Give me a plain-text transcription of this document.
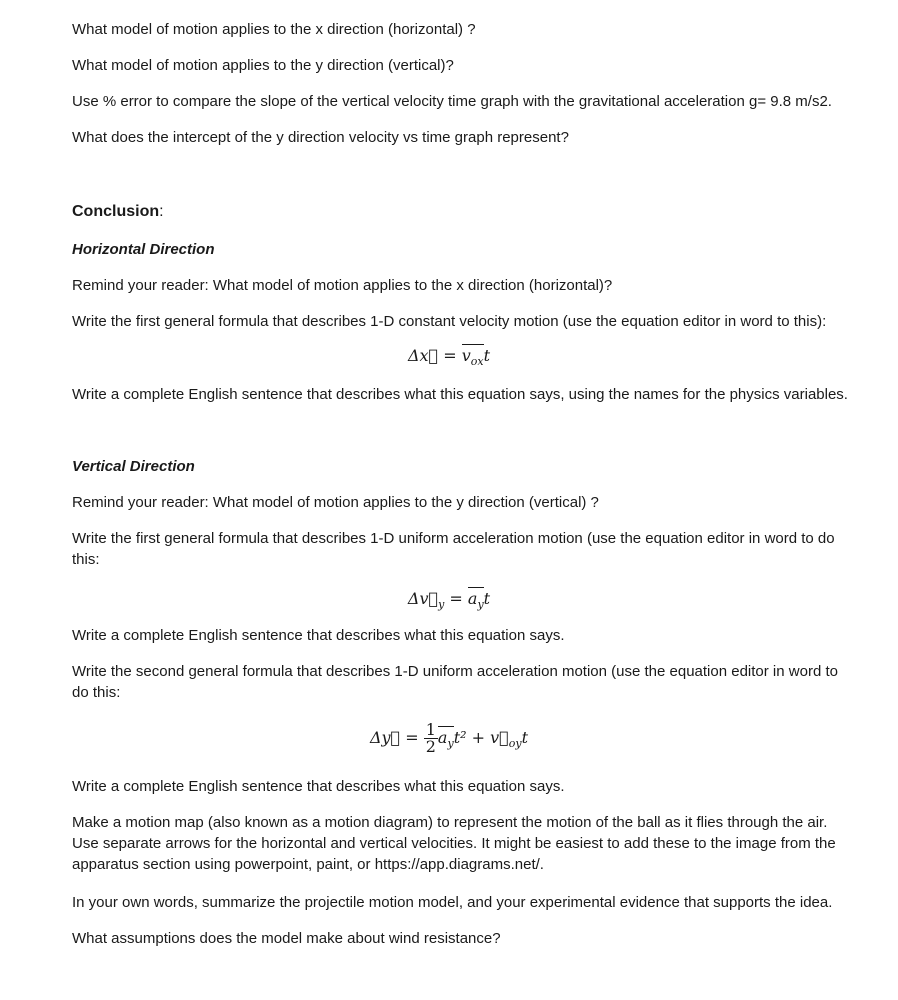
What model of motion applies to the x direction (horizontal) ?

What model of motion applies to the y direction (vertical)?

Use % error to compare the slope of the vertical velocity time graph with the gravitational acceleration g= 9.8 m/s2.

What does the intercept of the y direction velocity vs time graph represent?

Conclusion:

Horizontal Direction

Remind your reader: What model of motion applies to the x direction (horizontal)?

Write the first general formula that describes 1-D constant velocity motion (use the equation editor in word to this):

Δx⃗ = $v_{ox}t$

Write a complete English sentence that describes what this equation says, using the names for the physics variables.

Vertical Direction

Remind your reader: What model of motion applies to the y direction (vertical) ?

Write the first general formula that describes 1-D uniform acceleration motion (use the equation editor in word to do this:

$\Delta v⃗_y = a_yt$

Write a complete English sentence that describes what this equation says.

Write the second general formula that describes 1-D uniform acceleration motion (use the equation editor in word to do this:

Δy⃗ = $\frac{1}{2} a_yt^2$ + $v⃗_{oy}t$

Write a complete English sentence that describes what this equation says.

Make a motion map (also known as a motion diagram) to represent the motion of the ball as it flies through the air. Use separate arrows for the horizontal and vertical velocities. It might be easiest to add these to the image from the apparatus section using powerpoint, paint, or https://app.diagrams.net/.

In your own words, summarize the projectile motion model, and your experimental evidence that supports the idea.

What assumptions does the model make about wind resistance?
